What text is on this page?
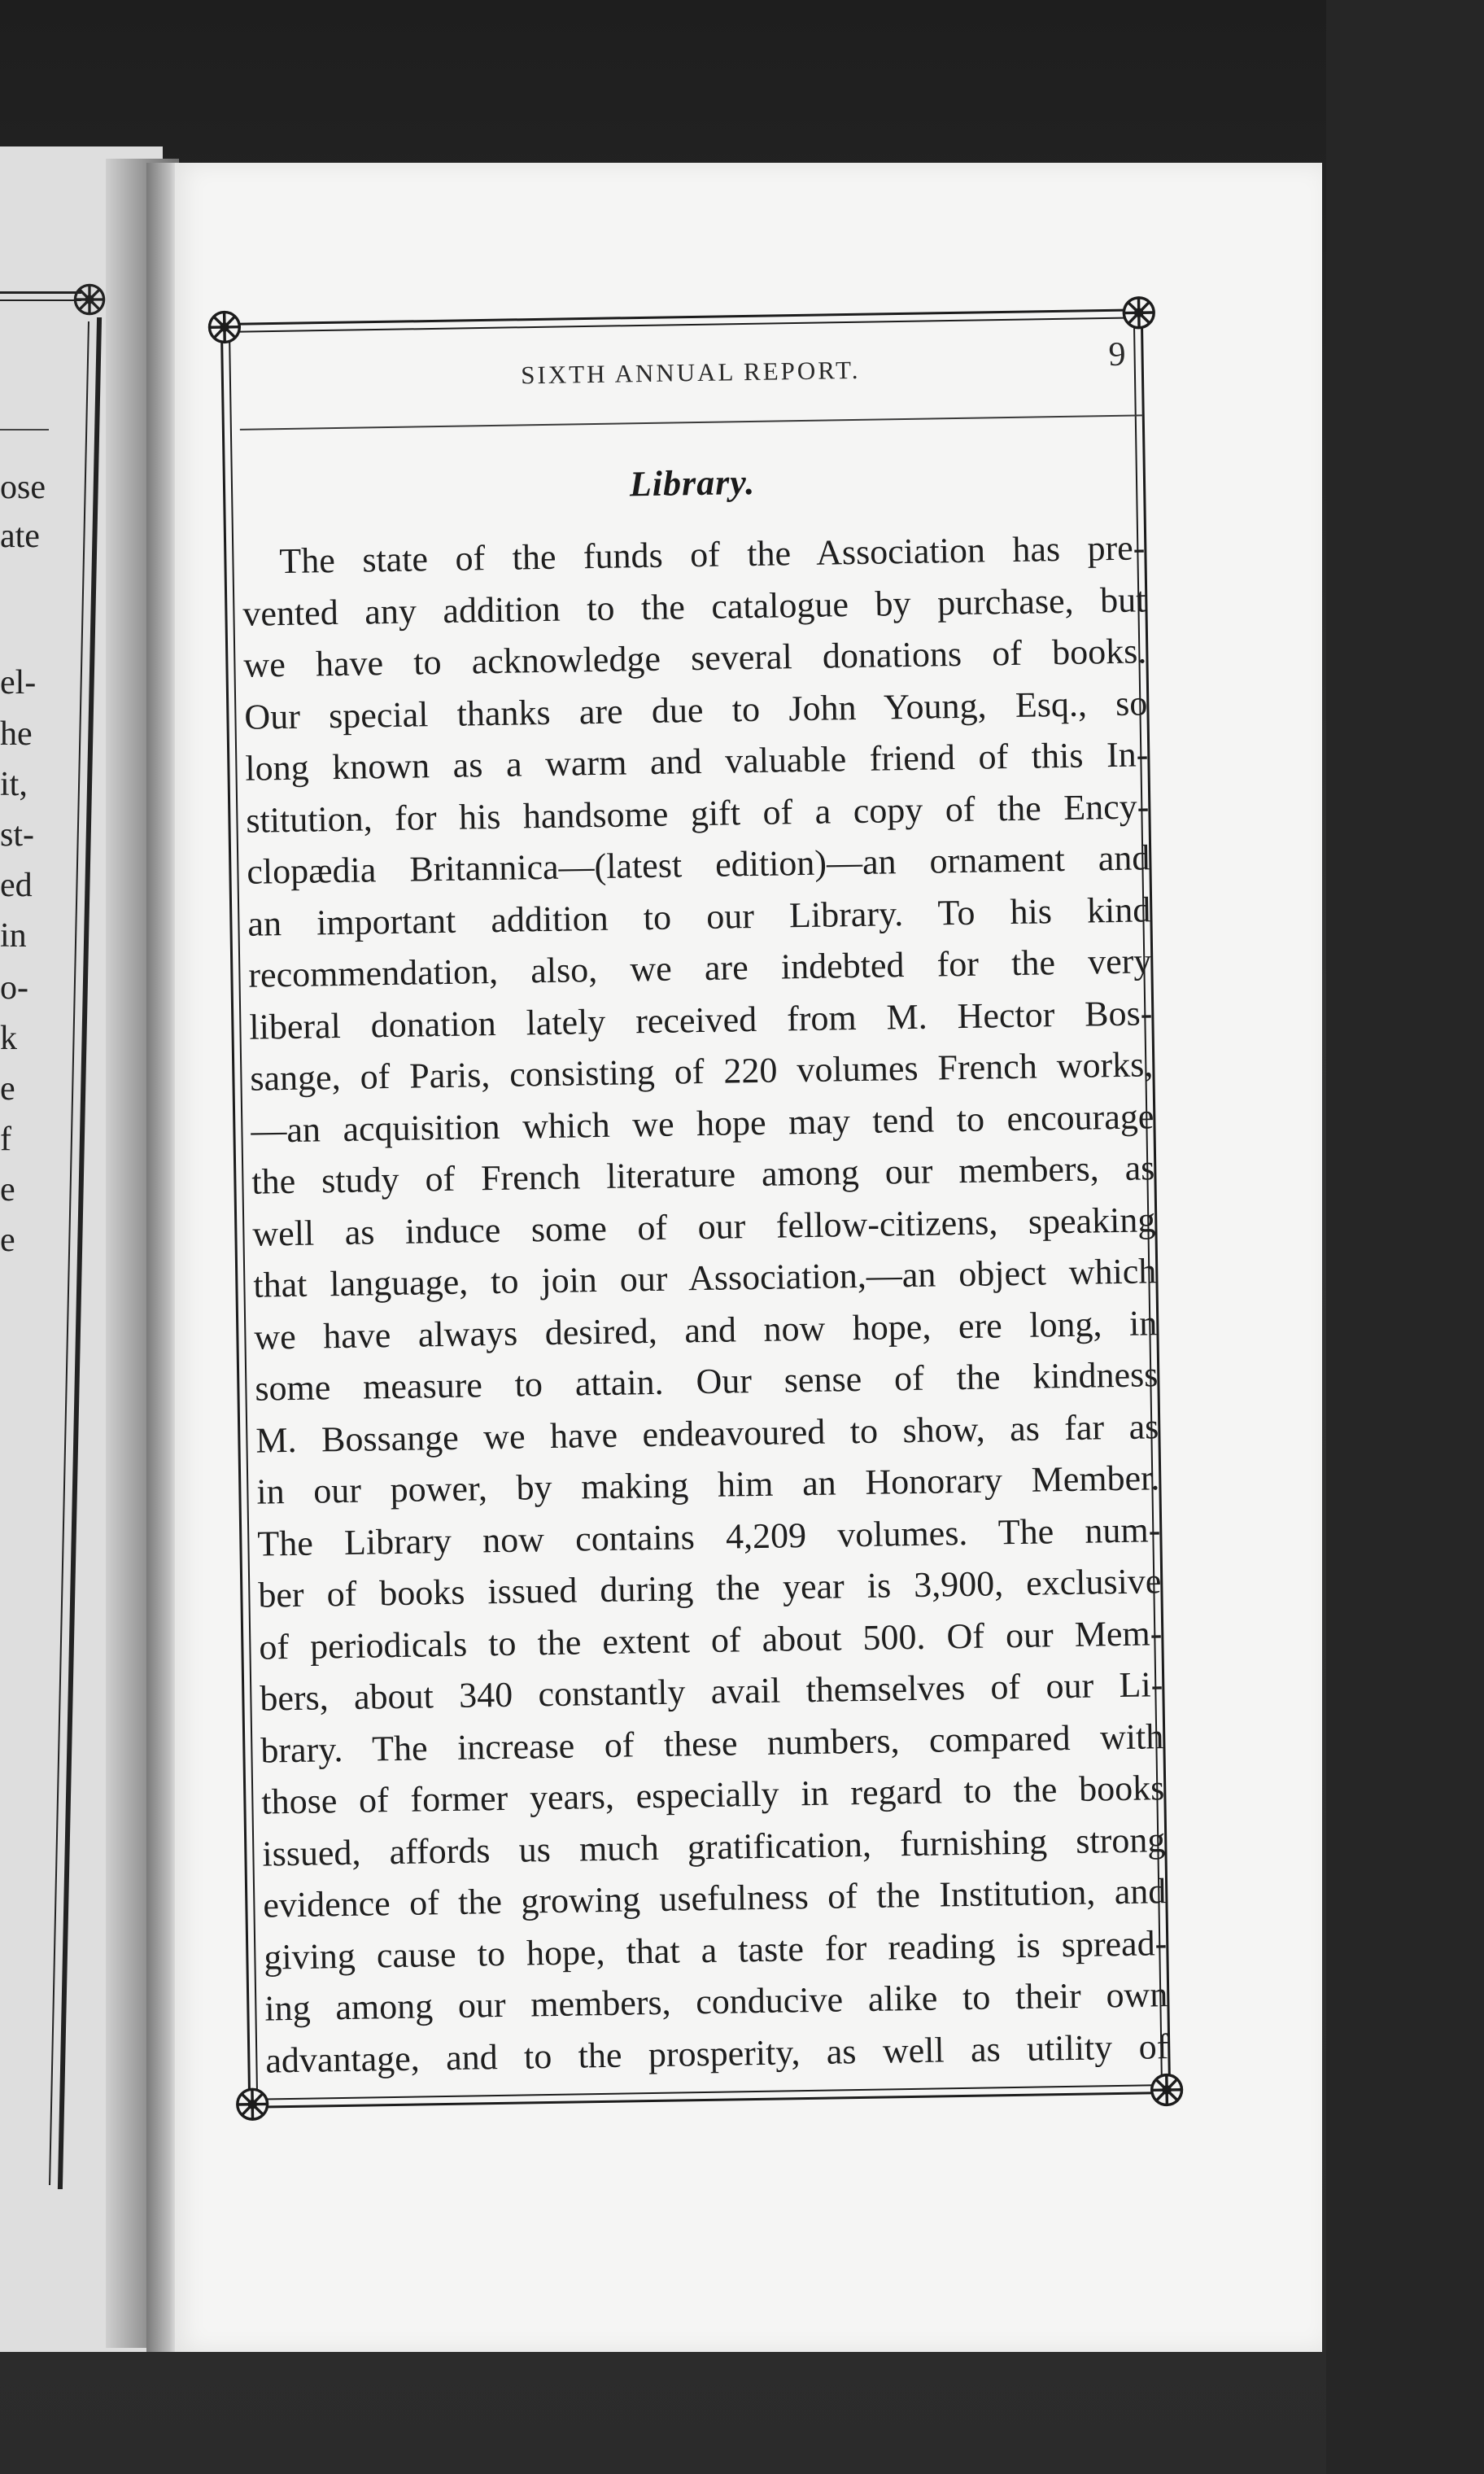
ose
ate
el-
he
it,
st-
ed
in
o-
k
e
f
e
e
SIXTH ANNUAL REPORT.	9
Library.
The state of the funds of the Association has pre-
vented any addition to the catalogue by purchase, but
we have to acknowledge several donations of books.
Our special thanks are due to John Young, Esq., so
long known as a warm and valuable friend of this In-
stitution, for his handsome gift of a copy of the Ency-
clopædia Britannica—(latest edition)—an ornament and
an important addition to our Library. To his kind
recommendation, also, we are indebted for the very
liberal donation lately received from M. Hector Bos-
sange, of Paris, consisting of 220 volumes French works,
—an acquisition which we hope may tend to encourage
the study of French literature among our members, as
well as induce some of our fellow-citizens, speaking
that language, to join our Association,—an object which
we have always desired, and now hope, ere long, in
some measure to attain. Our sense of the kindness
M. Bossange we have endeavoured to show, as far as
in our power, by making him an Honorary Member.
The Library now contains 4,209 volumes. The num-
ber of books issued during the year is 3,900, exclusive
of periodicals to the extent of about 500. Of our Mem-
bers, about 340 constantly avail themselves of our Li-
brary. The increase of these numbers, compared with
those of former years, especially in regard to the books
issued, affords us much gratification, furnishing strong
evidence of the growing usefulness of the Institution, and
giving cause to hope, that a taste for reading is spread-
ing among our members, conducive alike to their own
advantage, and to the prosperity, as well as utility of
